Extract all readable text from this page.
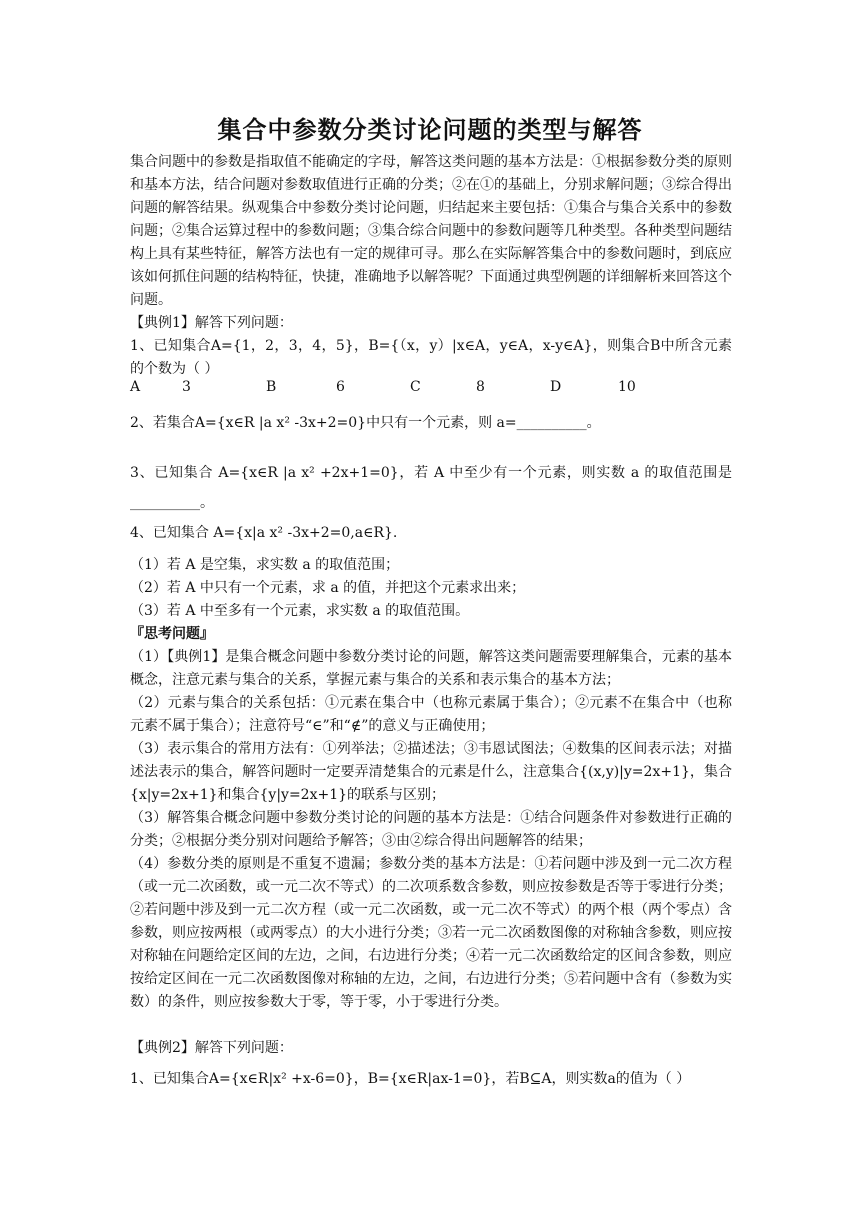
集合中参数分类讨论问题的类型与解答

集合问题中的参数是指取值不能确定的字母，解答这类问题的基本方法是：①根据参数分类的原则和基本方法，结合问题对参数取值进行正确的分类；②在①的基础上，分别求解问题；③综合得出问题的解答结果。纵观集合中参数分类讨论问题，归结起来主要包括：①集合与集合关系中的参数问题；②集合运算过程中的参数问题；③集合综合问题中的参数问题等几种类型。各种类型问题结构上具有某些特征，解答方法也有一定的规律可寻。那么在实际解答集合中的参数问题时，到底应该如何抓住问题的结构特征，快捷，准确地予以解答呢？下面通过典型例题的详细解析来回答这个问题。

【典例1】解答下列问题：

1、已知集合A={1，2，3，4，5}，B={（x，y）|x∈A，y∈A，x-y∈A}，则集合B中所含元素的个数为（ ）

A	3	B	6	C	8	D	10

2、若集合A={x∈R |a x² -3x+2=0}中只有一个元素，则 a=__________。

3、已知集合 A={x∈R |a x² +2x+1=0}，若 A 中至少有一个元素，则实数 a 的取值范围是__________。

4、已知集合 A={x|a x² -3x+2=0,a∈R}.

（1）若 A 是空集，求实数 a 的取值范围；

（2）若 A 中只有一个元素，求 a 的值，并把这个元素求出来；

（3）若 A 中至多有一个元素，求实数 a 的取值范围。

『思考问题』

（1）【典例1】是集合概念问题中参数分类讨论的问题，解答这类问题需要理解集合，元素的基本概念，注意元素与集合的关系，掌握元素与集合的关系和表示集合的基本方法；

（2）元素与集合的关系包括：①元素在集合中（也称元素属于集合）；②元素不在集合中（也称元素不属于集合）；注意符号“∈”和“∉”的意义与正确使用；

（3）表示集合的常用方法有：①列举法；②描述法；③韦恩试图法；④数集的区间表示法；对描述法表示的集合，解答问题时一定要弄清楚集合的元素是什么，注意集合{(x,y)|y=2x+1}，集合{x|y=2x+1}和集合{y|y=2x+1}的联系与区别；

（3）解答集合概念问题中参数分类讨论的问题的基本方法是：①结合问题条件对参数进行正确的分类；②根据分类分别对问题给予解答；③由②综合得出问题解答的结果；

（4）参数分类的原则是不重复不遗漏；参数分类的基本方法是：①若问题中涉及到一元二次方程（或一元二次函数，或一元二次不等式）的二次项系数含参数，则应按参数是否等于零进行分类；②若问题中涉及到一元二次方程（或一元二次函数，或一元二次不等式）的两个根（两个零点）含参数，则应按两根（或两零点）的大小进行分类；③若一元二次函数图像的对称轴含参数，则应按对称轴在问题给定区间的左边，之间，右边进行分类；④若一元二次函数给定的区间含参数，则应按给定区间在一元二次函数图像对称轴的左边，之间，右边进行分类；⑤若问题中含有（参数为实数）的条件，则应按参数大于零，等于零，小于零进行分类。

【典例2】解答下列问题：

1、已知集合A={x∈R|x² +x-6=0}，B={x∈R|ax-1=0}，若B⊆A，则实数a的值为（ ）
